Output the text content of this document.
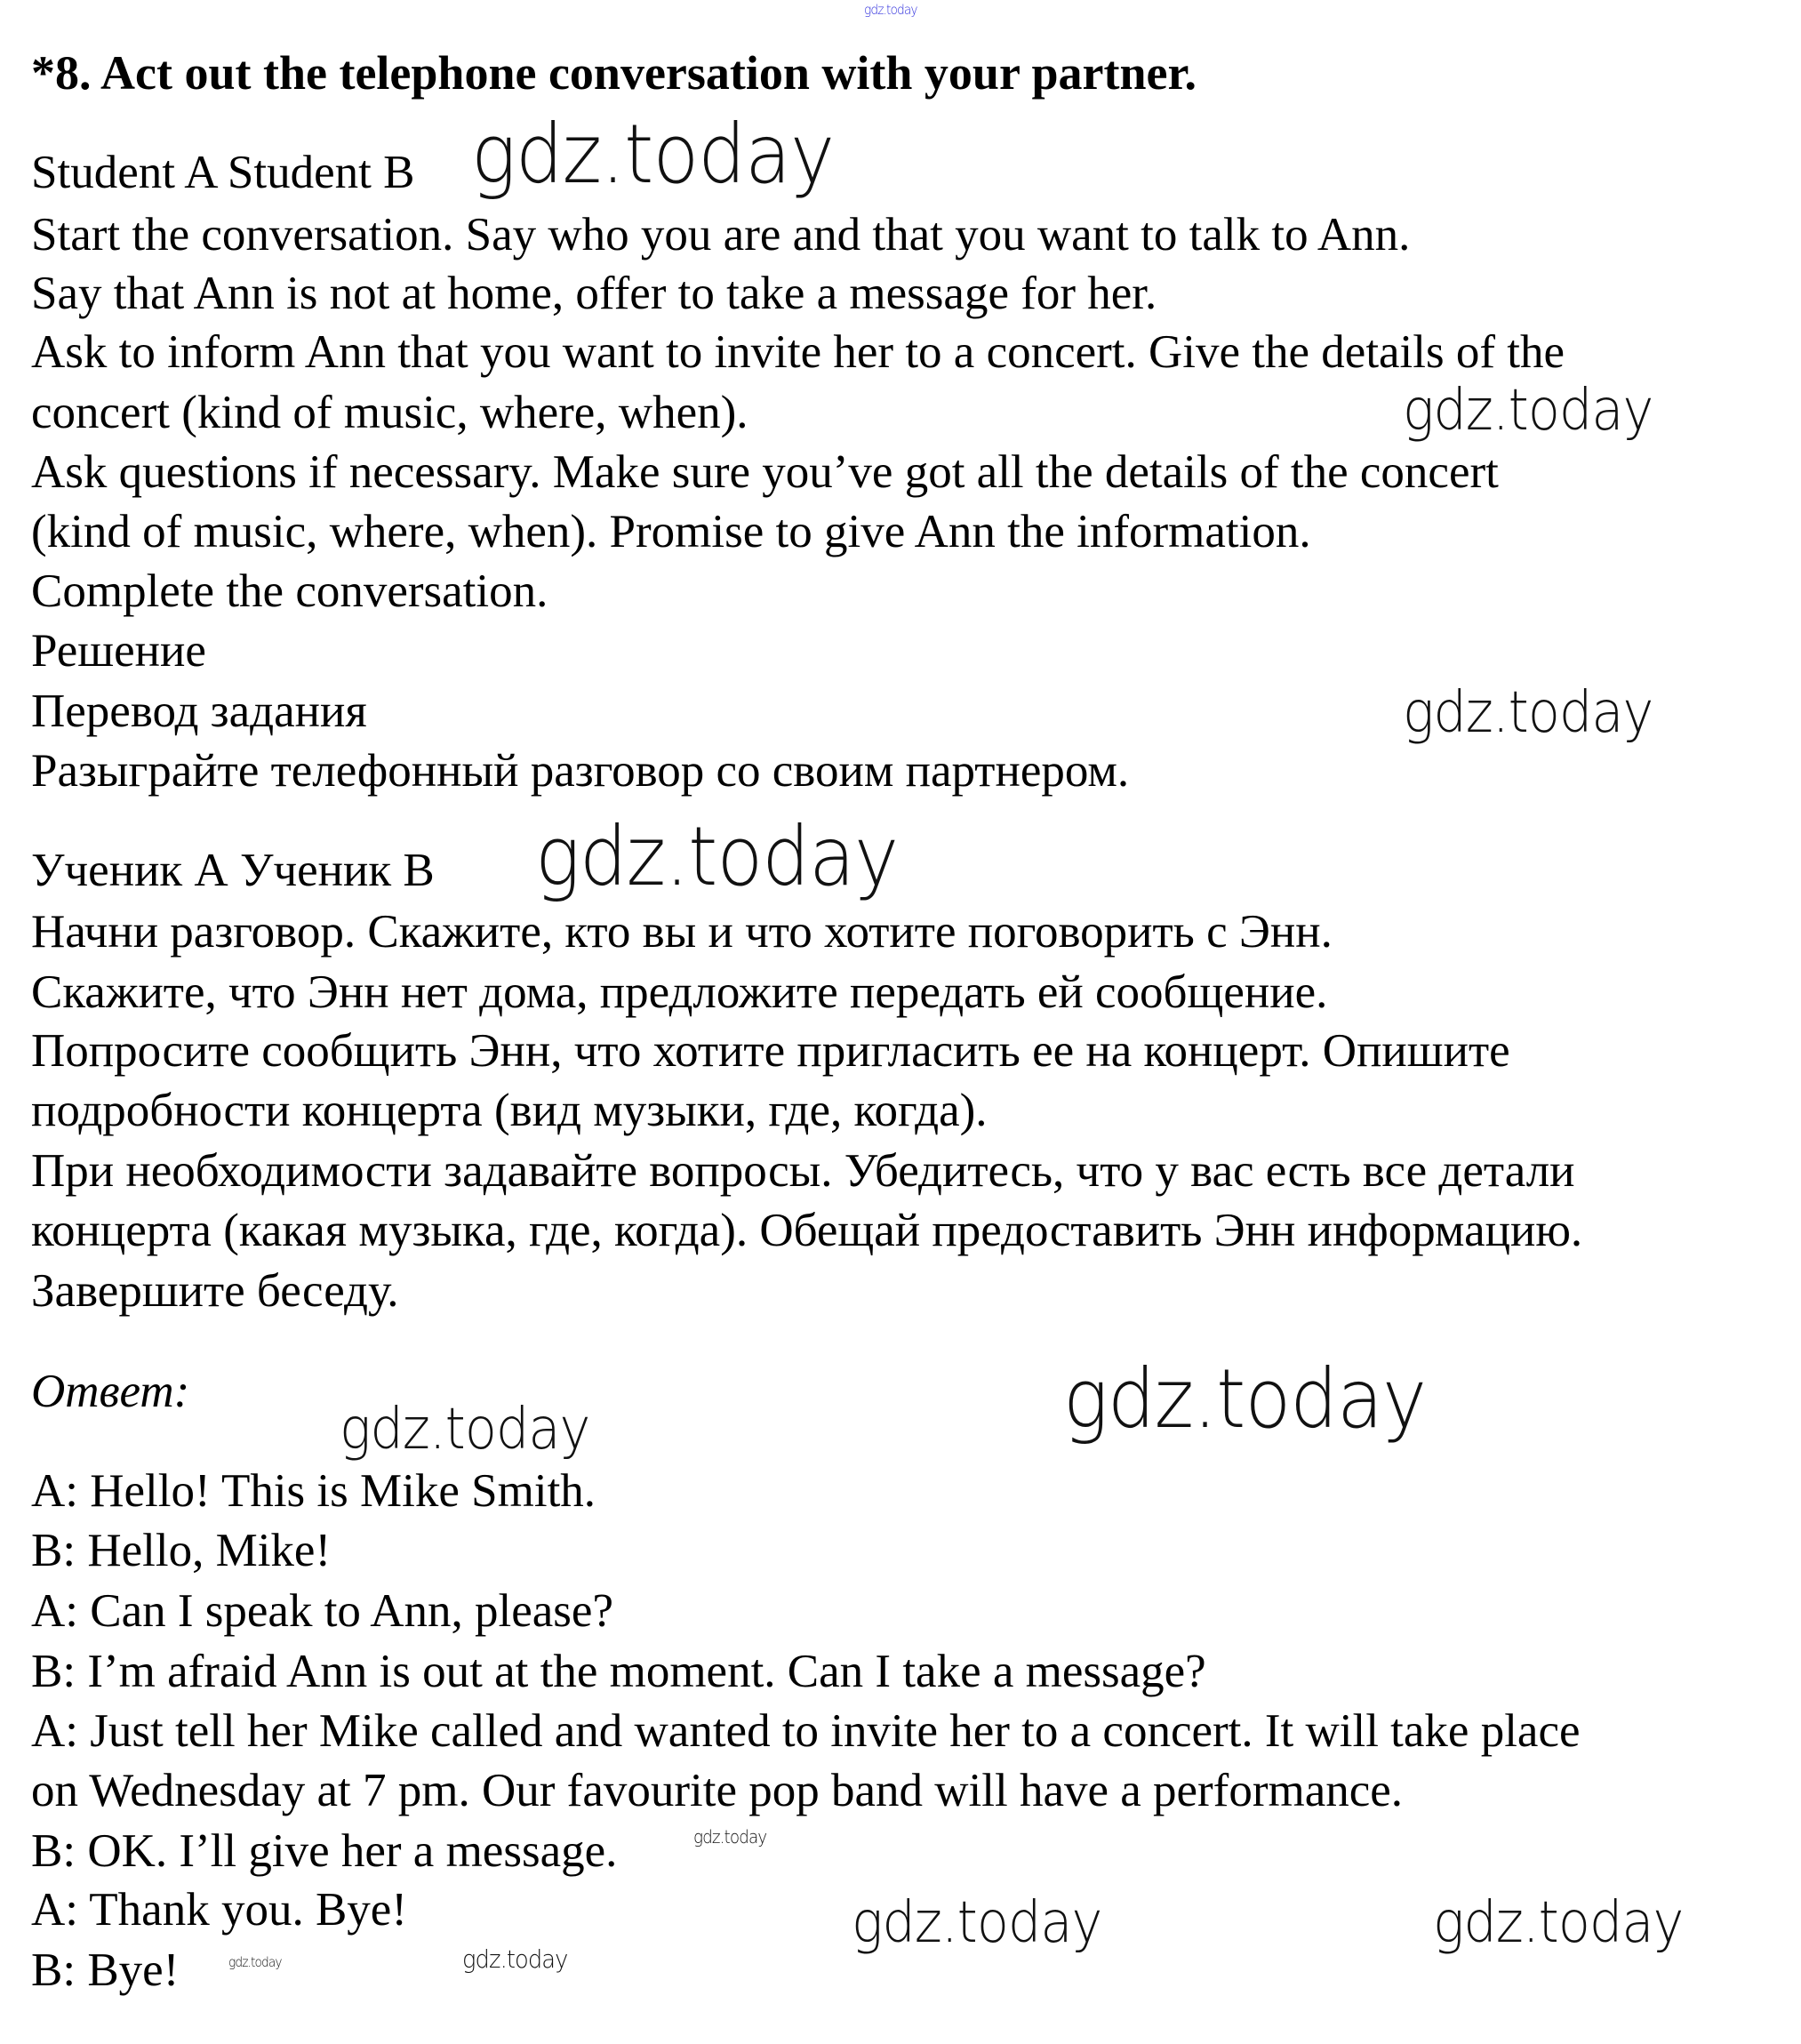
gdz.today
*8. Act out the telephone conversation with your partner.
Student A Student B
Start the conversation. Say who you are and that you want to talk to Ann.
Say that Ann is not at home, offer to take a message for her.
Ask to inform Ann that you want to invite her to a concert. Give the details of the
concert (kind of music, where, when).
Ask questions if necessary. Make sure you’ve got all the details of the concert
(kind of music, where, when). Promise to give Ann the information.
Complete the conversation.
Решение
Перевод задания
Разыграйте телефонный разговор со своим партнером.
Ученик А Ученик В
Начни разговор. Скажите, кто вы и что хотите поговорить с Энн.
Скажите, что Энн нет дома, предложите передать ей сообщение.
Попросите сообщить Энн, что хотите пригласить ее на концерт. Опишите
подробности концерта (вид музыки, где, когда).
При необходимости задавайте вопросы. Убедитесь, что у вас есть все детали
концерта (какая музыка, где, когда). Обещай предоставить Энн информацию.
Завершите беседу.
Ответ:
A: Hello! This is Mike Smith.
B: Hello, Mike!
A: Can I speak to Ann, please?
B: I’m afraid Ann is out at the moment. Can I take a message?
A: Just tell her Mike called and wanted to invite her to a concert. It will take place
on Wednesday at 7 pm. Our favourite pop band will have a performance.
B: OK. I’ll give her a message.
A: Thank you. Bye!
B: Bye!
gdz.today
gdz.today
gdz.today
gdz.today
gdz.today
gdz.today
gdz.today	gdz.today
gdz.today
gdz.today	gdz.today
